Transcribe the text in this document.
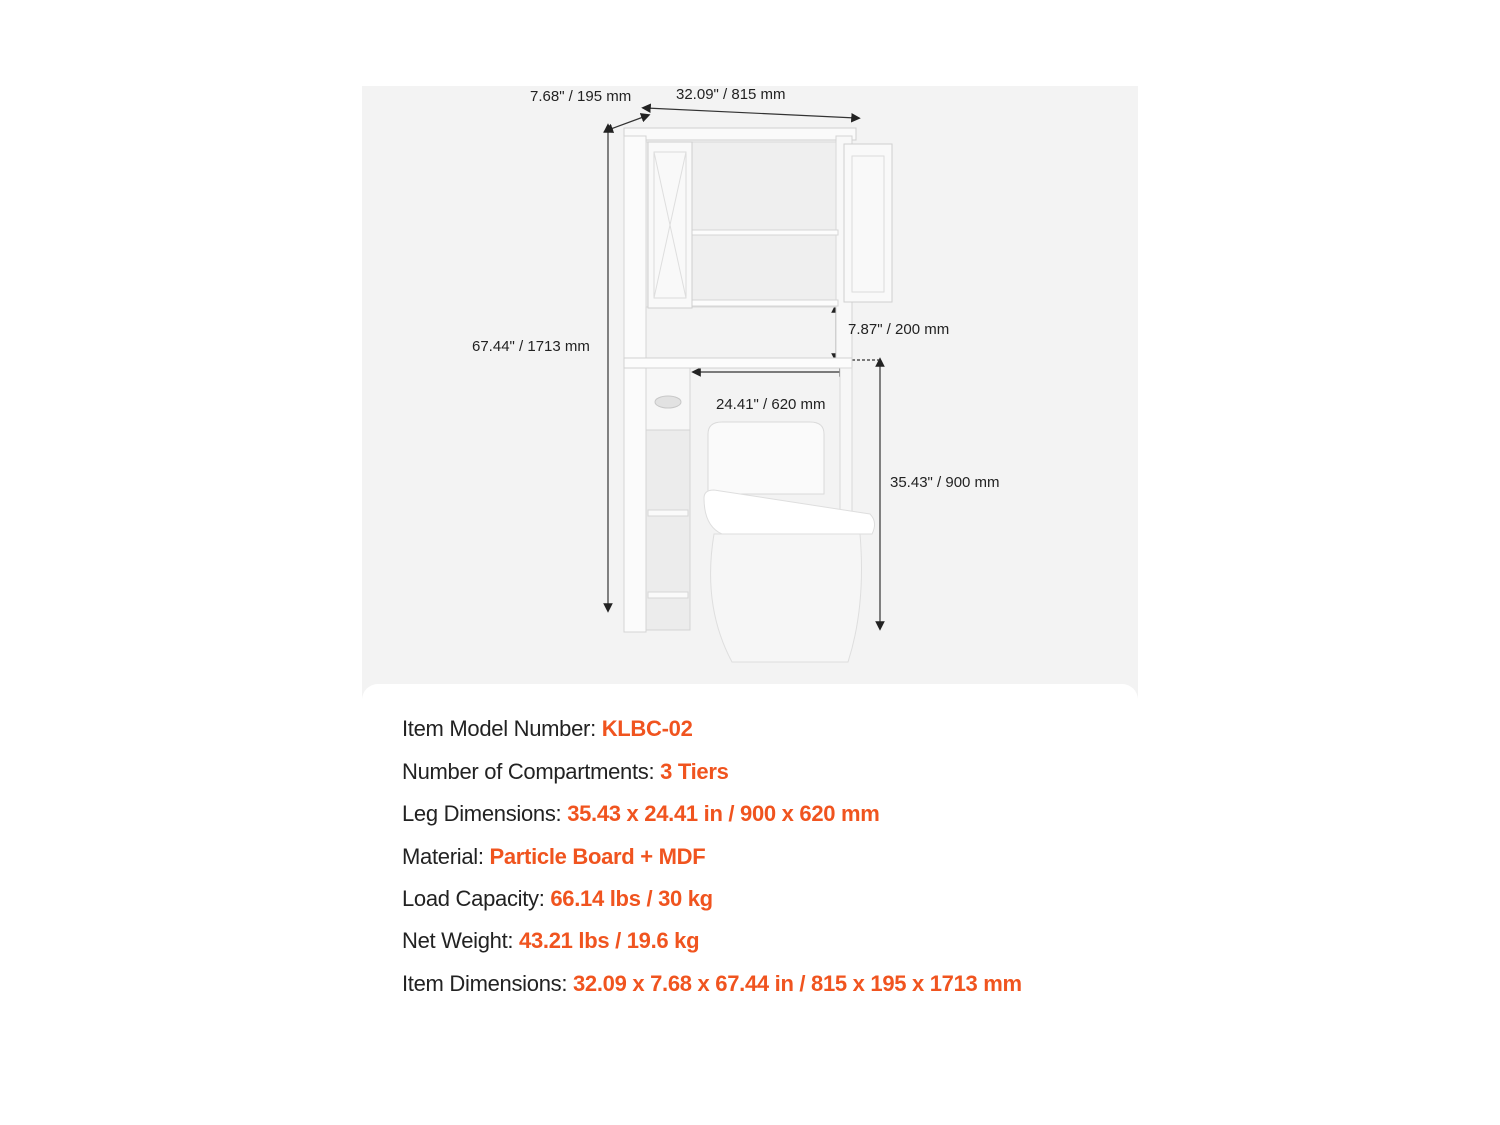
7.68" / 195 mm	32.09" / 815 mm
67.44" / 1713 mm
7.87" / 200 mm
24.41" / 620 mm
35.43" / 900 mm
Item Model Number: KLBC-02
Number of Compartments: 3 Tiers
Leg Dimensions: 35.43 x 24.41 in / 900 x 620 mm
Material: Particle Board + MDF
Load Capacity: 66.14 lbs / 30 kg
Net Weight: 43.21 lbs / 19.6 kg
Item Dimensions: 32.09 x 7.68 x 67.44 in / 815 x 195 x 1713 mm
